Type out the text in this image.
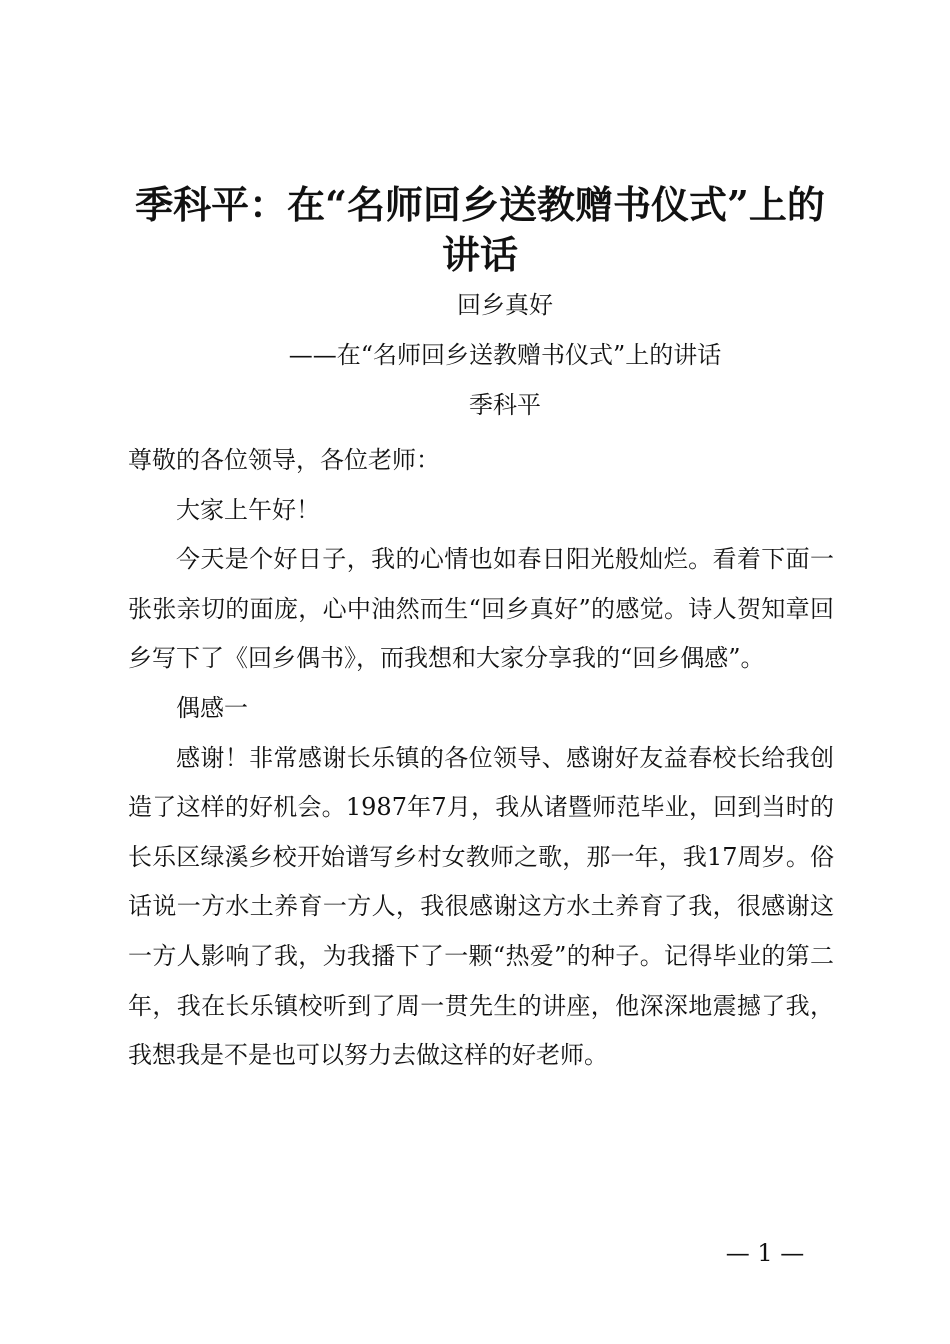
季科平：在“名师回乡送教赠书仪式”上的讲话
回乡真好
——在“名师回乡送教赠书仪式”上的讲话
季科平

尊敬的各位领导，各位老师：

大家上午好！

今天是个好日子，我的心情也如春日阳光般灿烂。看着下面一张张亲切的面庞，心中油然而生“回乡真好”的感觉。诗人贺知章回乡写下了《回乡偶书》，而我想和大家分享我的“回乡偶感”。

偶感一

感谢！非常感谢长乐镇的各位领导、感谢好友益春校长给我创造了这样的好机会。1987年7月，我从诸暨师范毕业，回到当时的长乐区绿溪乡校开始谱写乡村女教师之歌，那一年，我17周岁。俗话说一方水土养育一方人，我很感谢这方水土养育了我，很感谢这一方人影响了我，为我播下了一颗“热爱”的种子。记得毕业的第二年，我在长乐镇校听到了周一贯先生的讲座，他深深地震撼了我，我想我是不是也可以努力去做这样的好老师。

— 1 —
